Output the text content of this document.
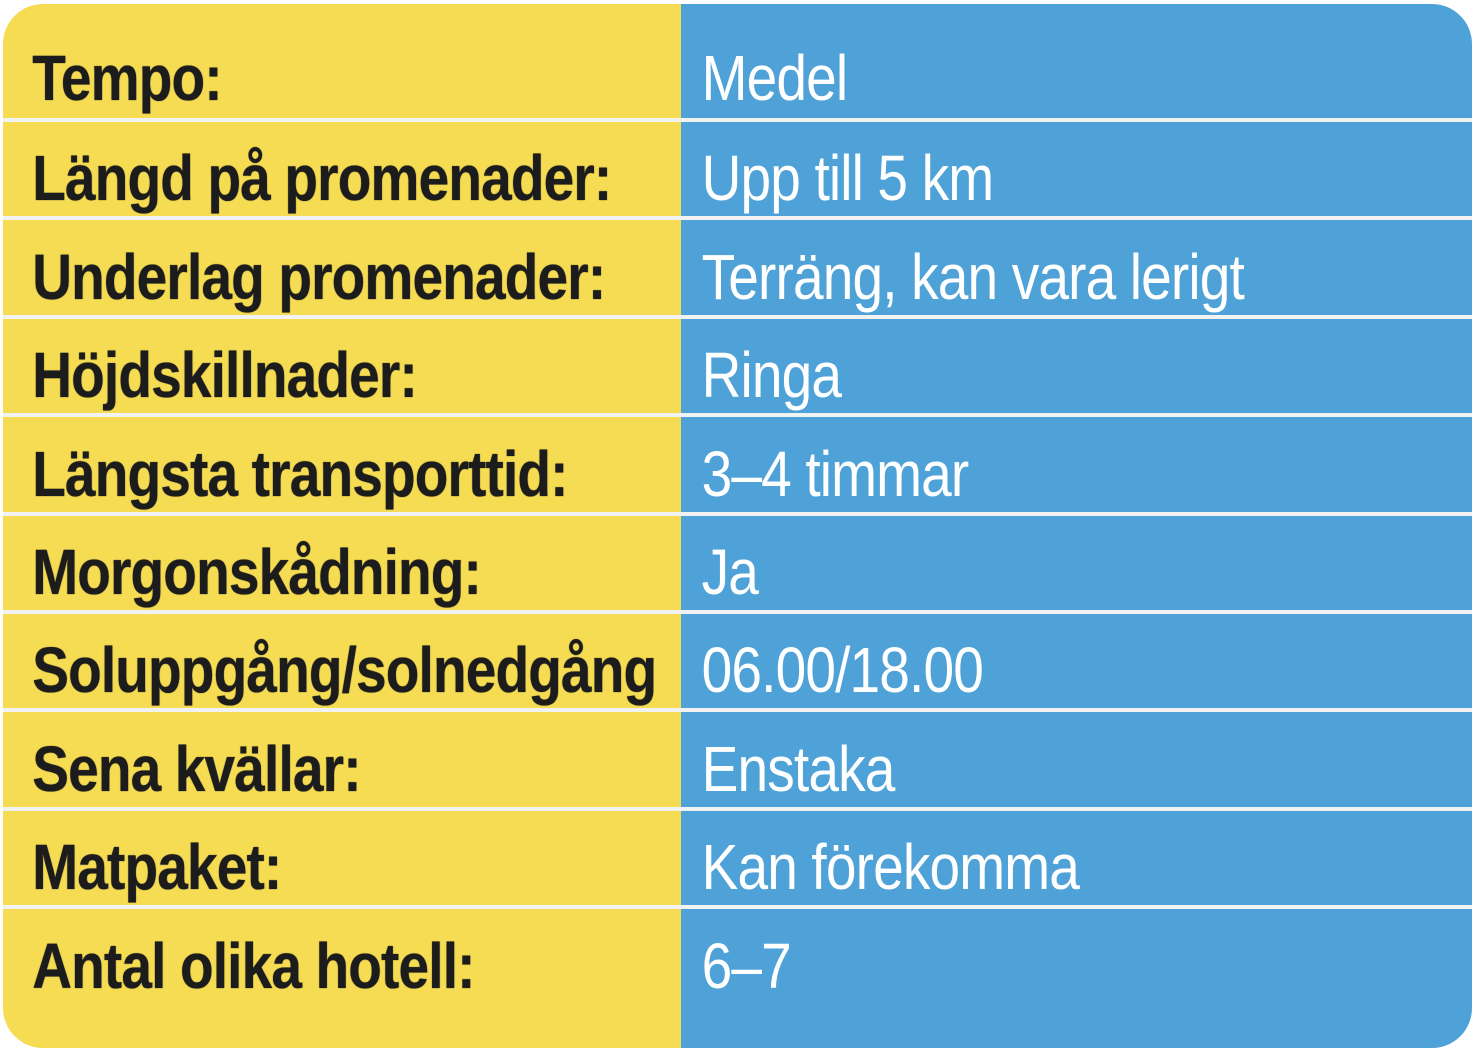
Tempo:	Medel
Längd på promenader:	Upp till 5 km
Underlag promenader:	Terräng, kan vara lerigt
Höjdskillnader:	Ringa
Längsta transporttid:	3–4 timmar
Morgonskådning:	Ja
Soluppgång/solnedgång 06.00/18.00
Sena kvällar:	Enstaka
Matpaket:	Kan förekomma
Antal olika hotell:	6–7
